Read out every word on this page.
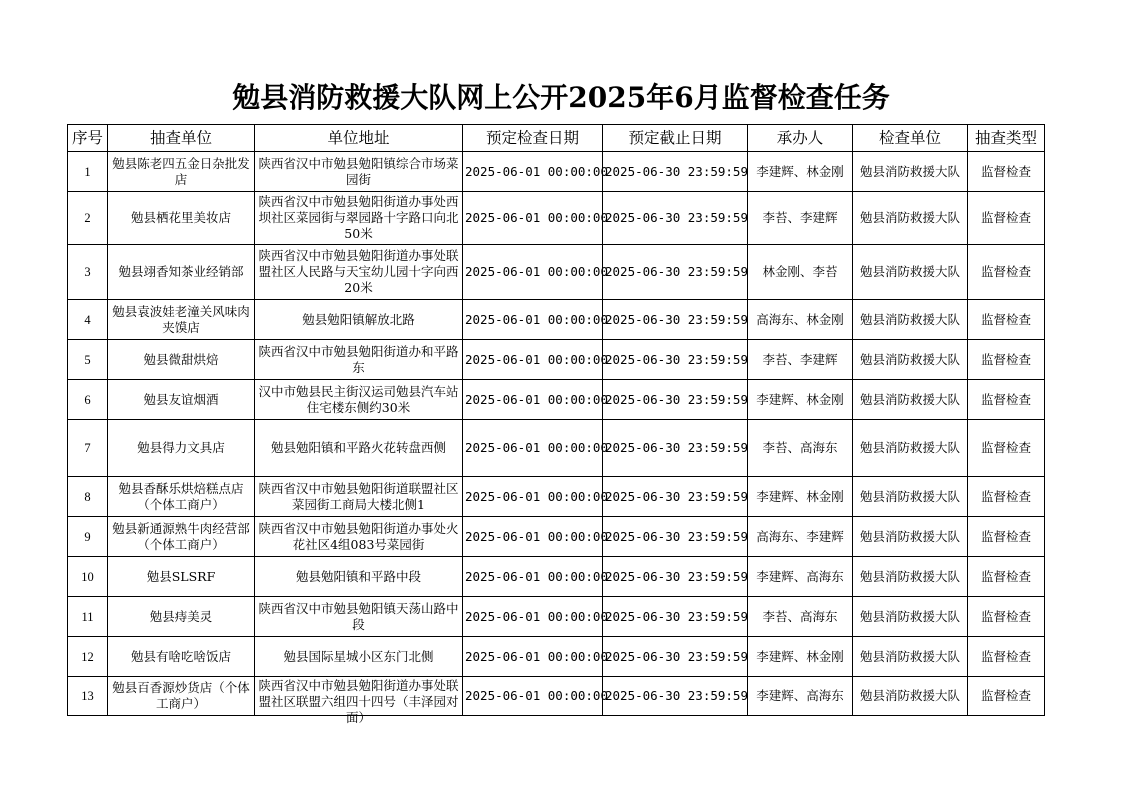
勉县消防救援大队网上公开2025年6月监督检查任务
序号	抽查单位	单位地址	预定检查日期	预定截止日期	承办人	检查单位	抽查类型
1	勉县陈老四五金日杂批发店	陕西省汉中市勉县勉阳镇综合市场菜园街	2025-06-01 00:00:00	2025-06-30 23:59:59	李建辉、林金刚	勉县消防救援大队	监督检查
2	勉县栖花里美妆店	陕西省汉中市勉县勉阳街道办事处西坝社区菜园街与翠园路十字路口向北50米	2025-06-01 00:00:00	2025-06-30 23:59:59	李苔、李建辉	勉县消防救援大队	监督检查
3	勉县翊香知茶业经销部	陕西省汉中市勉县勉阳街道办事处联盟社区人民路与天宝幼儿园十字向西20米	2025-06-01 00:00:00	2025-06-30 23:59:59	林金刚、李苔	勉县消防救援大队	监督检查
4	勉县袁波娃老潼关风味肉夹馍店	勉县勉阳镇解放北路	2025-06-01 00:00:00	2025-06-30 23:59:59	高海东、林金刚	勉县消防救援大队	监督检查
5	勉县微甜烘焙	陕西省汉中市勉县勉阳街道办和平路东	2025-06-01 00:00:00	2025-06-30 23:59:59	李苔、李建辉	勉县消防救援大队	监督检查
6	勉县友谊烟酒	汉中市勉县民主街汉运司勉县汽车站住宅楼东侧约30米	2025-06-01 00:00:00	2025-06-30 23:59:59	李建辉、林金刚	勉县消防救援大队	监督检查
7	勉县得力文具店	勉县勉阳镇和平路火花转盘西侧	2025-06-01 00:00:00	2025-06-30 23:59:59	李苔、高海东	勉县消防救援大队	监督检查
8	勉县香酥乐烘焙糕点店（个体工商户）	陕西省汉中市勉县勉阳街道联盟社区菜园街工商局大楼北侧1	2025-06-01 00:00:00	2025-06-30 23:59:59	李建辉、林金刚	勉县消防救援大队	监督检查
9	勉县新通源熟牛肉经营部（个体工商户）	陕西省汉中市勉县勉阳街道办事处火花社区4组083号菜园街	2025-06-01 00:00:00	2025-06-30 23:59:59	高海东、李建辉	勉县消防救援大队	监督检查
10	勉县SLSRF	勉县勉阳镇和平路中段	2025-06-01 00:00:00	2025-06-30 23:59:59	李建辉、高海东	勉县消防救援大队	监督检查
11	勉县痔美灵	陕西省汉中市勉县勉阳镇天荡山路中段	2025-06-01 00:00:00	2025-06-30 23:59:59	李苔、高海东	勉县消防救援大队	监督检查
12	勉县有啥吃啥饭店	勉县国际星城小区东门北侧	2025-06-01 00:00:00	2025-06-30 23:59:59	李建辉、林金刚	勉县消防救援大队	监督检查
13	勉县百香源炒货店（个体工商户）	陕西省汉中市勉县勉阳街道办事处联盟社区联盟六组四十四号（丰泽园对面）	2025-06-01 00:00:00	2025-06-30 23:59:59	李建辉、高海东	勉县消防救援大队	监督检查
